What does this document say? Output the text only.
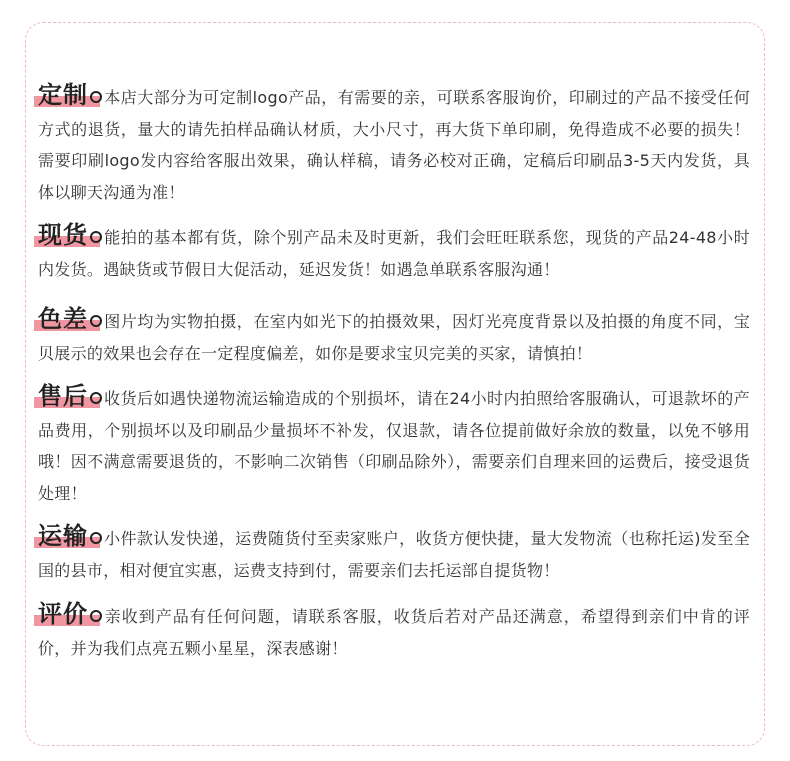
定制 本店大部分为可定制logo产品，有需要的亲，可联系客服询价，印刷过的产品不接受任何方式的退货，量大的请先拍样品确认材质，大小尺寸，再大货下单印刷，免得造成不必要的损失！需要印刷logo发内容给客服出效果，确认样稿，请务必校对正确，定稿后印刷品3-5天内发货，具体以聊天沟通为准！
现货 能拍的基本都有货，除个别产品未及时更新，我们会旺旺联系您，现货的产品24-48小时内发货。遇缺货或节假日大促活动，延迟发货！如遇急单联系客服沟通！
色差 图片均为实物拍摄，在室内如光下的拍摄效果，因灯光亮度背景以及拍摄的角度不同，宝贝展示的效果也会存在一定程度偏差，如你是要求宝贝完美的买家，请慎拍！
售后 收货后如遇快递物流运输造成的个别损坏，请在24小时内拍照给客服确认，可退款坏的产品费用，个别损坏以及印刷品少量损坏不补发，仅退款，请各位提前做好余放的数量，以免不够用哦！因不满意需要退货的，不影响二次销售（印刷品除外），需要亲们自理来回的运费后，接受退货处理！
运输 小件款认发快递，运费随货付至卖家账户，收货方便快捷，量大发物流（也称托运)发至全国的县市，相对便宜实惠，运费支持到付，需要亲们去托运部自提货物！
评价 亲收到产品有任何问题，请联系客服，收货后若对产品还满意，希望得到亲们中肯的评价，并为我们点亮五颗小星星，深表感谢！
